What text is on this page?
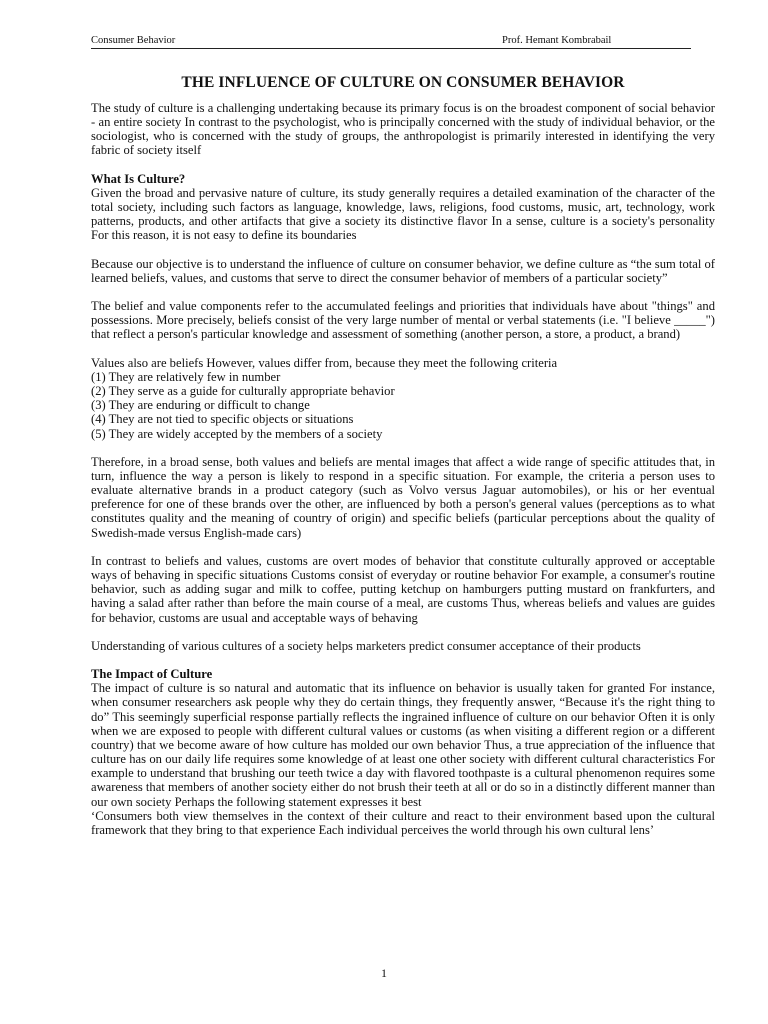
Consumer Behavior	Prof. Hemant Kombrabail
THE INFLUENCE OF CULTURE ON CONSUMER BEHAVIOR

The study of culture is a challenging undertaking because its primary focus is on the broadest component of social behavior - an entire society In contrast to the psychologist, who is principally concerned with the study of individual behavior, or the sociologist, who is concerned with the study of groups, the anthropologist is primarily interested in identifying the very fabric of society itself

What Is Culture?

Given the broad and pervasive nature of culture, its study generally requires a detailed examination of the character of the total society, including such factors as language, knowledge, laws, religions, food customs, music, art, technology, work patterns, products, and other artifacts that give a society its distinctive flavor In a sense, culture is a society's personality For this reason, it is not easy to define its boundaries

Because our objective is to understand the influence of culture on consumer behavior, we define culture as “the sum total of learned beliefs, values, and customs that serve to direct the consumer behavior of members of a particular society”

The belief and value components refer to the accumulated feelings and priorities that individuals have about "things" and possessions. More precisely, beliefs consist of the very large number of mental or verbal statements (i.e. "I believe _____") that reflect a person's particular knowledge and assessment of something (another person, a store, a product, a brand)

Values also are beliefs However, values differ from, because they meet the following criteria

(1) They are relatively few in number
(2) They serve as a guide for culturally appropriate behavior
(3) They are enduring or difficult to change
(4) They are not tied to specific objects or situations
(5) They are widely accepted by the members of a society

Therefore, in a broad sense, both values and beliefs are mental images that affect a wide range of specific attitudes that, in turn, influence the way a person is likely to respond in a specific situation. For example, the criteria a person uses to evaluate alternative brands in a product category (such as Volvo versus Jaguar automobiles), or his or her eventual preference for one of these brands over the other, are influenced by both a person's general values (perceptions as to what constitutes quality and the meaning of country of origin) and specific beliefs (particular perceptions about the quality of Swedish-made versus English-made cars)

In contrast to beliefs and values, customs are overt modes of behavior that constitute culturally approved or acceptable ways of behaving in specific situations Customs consist of everyday or routine behavior For example, a consumer's routine behavior, such as adding sugar and milk to coffee, putting ketchup on hamburgers putting mustard on frankfurters, and having a salad after rather than before the main course of a meal, are customs Thus, whereas beliefs and values are guides for behavior, customs are usual and acceptable ways of behaving

Understanding of various cultures of a society helps marketers predict consumer acceptance of their products

The Impact of Culture

The impact of culture is so natural and automatic that its influence on behavior is usually taken for granted For instance, when consumer researchers ask people why they do certain things, they frequently answer, “Because it's the right thing to do” This seemingly superficial response partially reflects the ingrained influence of culture on our behavior Often it is only when we are exposed to people with different cultural values or customs (as when visiting a different region or a different country) that we become aware of how culture has molded our own behavior Thus, a true appreciation of the influence that culture has on our daily life requires some knowledge of at least one other society with different cultural characteristics For example to understand that brushing our teeth twice a day with flavored toothpaste is a cultural phenomenon requires some awareness that members of another society either do not brush their teeth at all or do so in a distinctly different manner than our own society Perhaps the following statement expresses it best

‘Consumers both view themselves in the context of their culture and react to their environment based upon the cultural framework that they bring to that experience Each individual perceives the world through his own cultural lens’

1
